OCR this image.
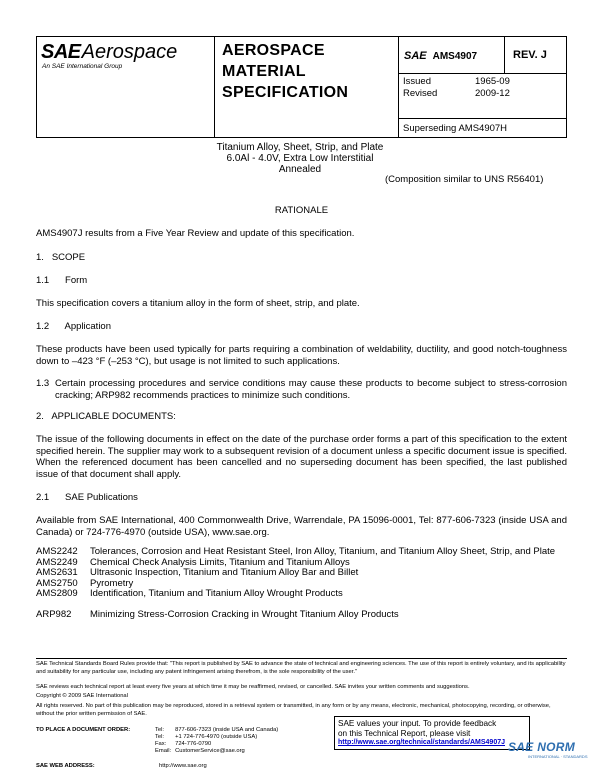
SAEAerospace
An SAE International Group
AEROSPACE
MATERIAL
SPECIFICATION
SAE AMS4907	REV. J
Issued	1965-09
Revised	2009-12
Superseding AMS4907H
Titanium Alloy, Sheet, Strip, and Plate
6.0Al - 4.0V, Extra Low Interstitial
Annealed
(Composition similar to UNS R56401)
RATIONALE
AMS4907J results from a Five Year Review and update of this specification.
1.   SCOPE
1.1      Form
This specification covers a titanium alloy in the form of sheet, strip, and plate.
1.2      Application
These products have been used typically for parts requiring a combination of weldability, ductility, and good notch-toughness down to –423 °F (–253 °C), but usage is not limited to such applications.
1.3 Certain processing procedures and service conditions may cause these products to become subject to stress-corrosion cracking; ARP982 recommends practices to minimize such conditions.
2.   APPLICABLE DOCUMENTS:
The issue of the following documents in effect on the date of the purchase order forms a part of this specification to the extent specified herein. The supplier may work to a subsequent revision of a document unless a specific document issue is specified. When the referenced document has been cancelled and no superseding document has been specified, the last published issue of that document shall apply.
2.1      SAE Publications
Available from SAE International, 400 Commonwealth Drive, Warrendale, PA 15096-0001, Tel: 877-606-7323 (inside USA and Canada) or 724-776-4970 (outside USA), www.sae.org.
AMS2242	Tolerances, Corrosion and Heat Resistant Steel, Iron Alloy, Titanium, and Titanium Alloy Sheet, Strip, and Plate
AMS2249	Chemical Check Analysis Limits, Titanium and Titanium Alloys
AMS2631	Ultrasonic Inspection, Titanium and Titanium Alloy Bar and Billet
AMS2750	Pyrometry
AMS2809	Identification, Titanium and Titanium Alloy Wrought Products
ARP982	Minimizing Stress-Corrosion Cracking in Wrought Titanium Alloy Products
SAE Technical Standards Board Rules provide that: "This report is published by SAE to advance the state of technical and engineering sciences. The use of this report is entirely voluntary, and its applicability and suitability for any particular use, including any patent infringement arising therefrom, is the sole responsibility of the user."
SAE reviews each technical report at least every five years at which time it may be reaffirmed, revised, or cancelled. SAE invites your written comments and suggestions.
Copyright © 2009 SAE International
All rights reserved. No part of this publication may be reproduced, stored in a retrieval system or transmitted, in any form or by any means, electronic, mechanical, photocopying, recording, or otherwise, without the prior written permission of SAE.
TO PLACE A DOCUMENT ORDER:	Tel:	877-606-7323 (inside USA and Canada)
	Tel:	+1 724-776-4970 (outside USA)
	Fax:	724-776-0790
	Email:	CustomerService@sae.org
SAE WEB ADDRESS:	http://www.sae.org
SAE values your input. To provide feedback
on this Technical Report, please visit
http://www.sae.org/technical/standards/AMS4907J SAE NORM
INTERNATIONAL · STANDARDS
